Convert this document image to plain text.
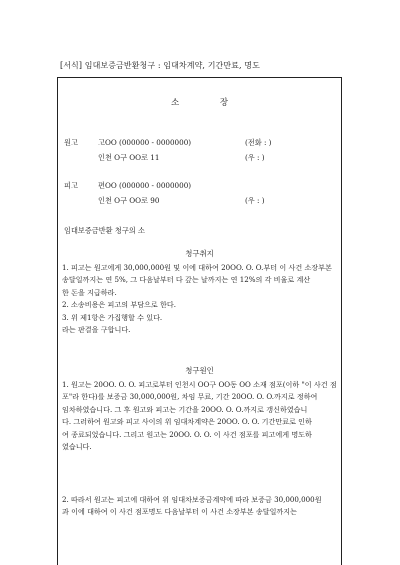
[서식] 임대보증금반환청구 : 임대차계약, 기간만료, 명도
소 장
원고	고OO (000000 - 0000000)	(전화 : )
인천 O구 OO로 11	(우 : )
피고	편OO (000000 - 0000000)
인천 O구 OO로 90	(우 : )
임대보증금반환 청구의 소
청구취지
1. 피고는 원고에게 30,000,000원 및 이에 대하여 20OO. O. O.부터 이 사건 소장부본
송달일까지는 연 5%, 그 다음날부터 다 갚는 날까지는 연 12%의 각 비율로 계산
한 돈을 지급하라.
2. 소송비용은 피고의 부담으로 한다.
3. 위 제1항은 가집행할 수 있다.
라는 판결을 구합니다.
청구원인
1. 원고는 20OO. O. O. 피고로부터 인천시 OO구 OO동 OO 소재 점포(이하 "이 사건 점
포"라 한다)를 보증금 30,000,000원, 차임 무료, 기간 20OO. O. O.까지로 정하여
임차하였습니다. 그 후 원고와 피고는 기간을 20OO. O. O.까지로 갱신하였습니
다. 그러하여 원고와 피고 사이의 위 임대차계약은 20OO. O. O. 기간만료로 인하
여 종료되었습니다. 그리고 원고는 20OO. O. O. 이 사건 점포를 피고에게 명도하
였습니다.
2. 따라서 원고는 피고에 대하여 위 임대차보증금계약에 따라 보증금 30,000,000원
과 이에 대하여 이 사건 점포명도 다음날부터 이 사건 소장부본 송달일까지는
